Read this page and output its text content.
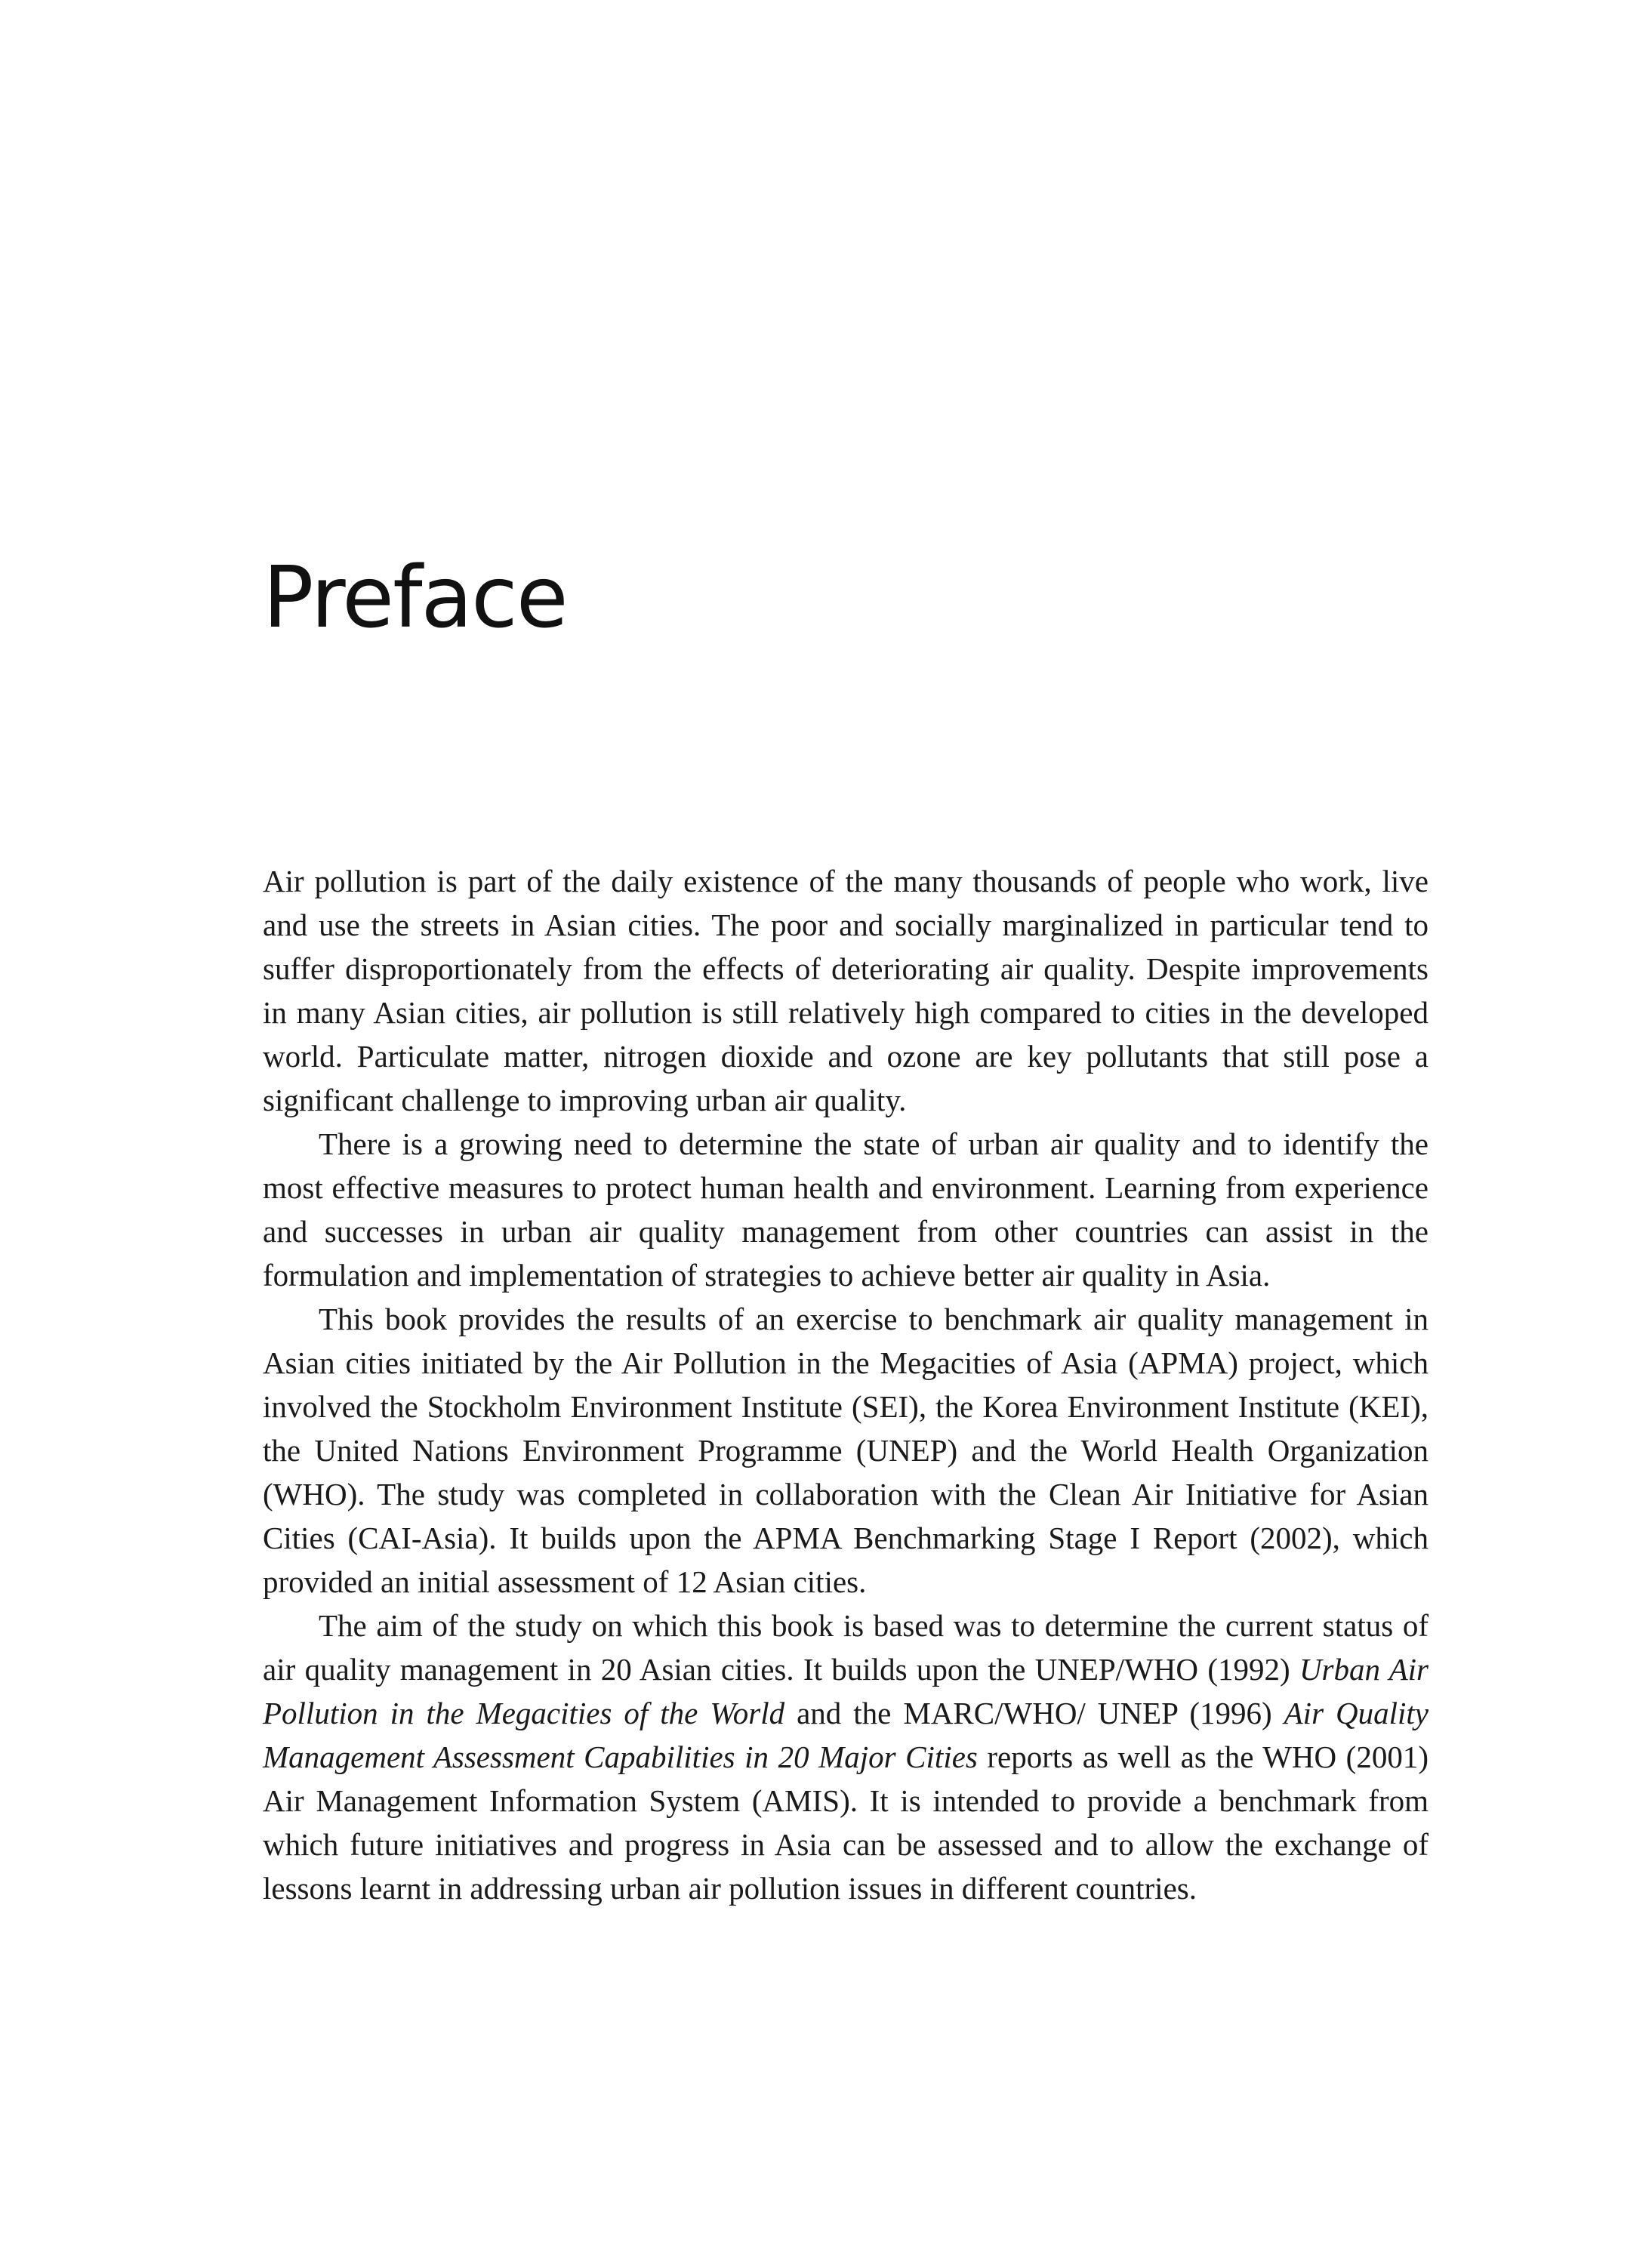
Preface

Air pollution is part of the daily existence of the many thousands of people who work, live and use the streets in Asian cities. The poor and socially marginalized in particular tend to suffer disproportionately from the effects of deteriorating air quality. Despite improvements in many Asian cities, air pollution is still relatively high compared to cities in the developed world. Particulate matter, nitrogen dioxide and ozone are key pollutants that still pose a significant challenge to improving urban air quality.

There is a growing need to determine the state of urban air quality and to identify the most effective measures to protect human health and environment. Learning from experience and successes in urban air quality management from other countries can assist in the formulation and implementation of strategies to achieve better air quality in Asia.

This book provides the results of an exercise to benchmark air quality management in Asian cities initiated by the Air Pollution in the Megacities of Asia (APMA) project, which involved the Stockholm Environment Institute (SEI), the Korea Environment Institute (KEI), the United Nations Environment Programme (UNEP) and the World Health Organization (WHO). The study was completed in collaboration with the Clean Air Initiative for Asian Cities (CAI-Asia). It builds upon the APMA Benchmarking Stage I Report (2002), which provided an initial assessment of 12 Asian cities.

The aim of the study on which this book is based was to determine the current status of air quality management in 20 Asian cities. It builds upon the UNEP/WHO (1992) Urban Air Pollution in the Megacities of the World and the MARC/WHO/ UNEP (1996) Air Quality Management Assessment Capabilities in 20 Major Cities reports as well as the WHO (2001) Air Management Information System (AMIS). It is intended to provide a benchmark from which future initiatives and progress in Asia can be assessed and to allow the exchange of lessons learnt in addressing urban air pollution issues in different countries.
